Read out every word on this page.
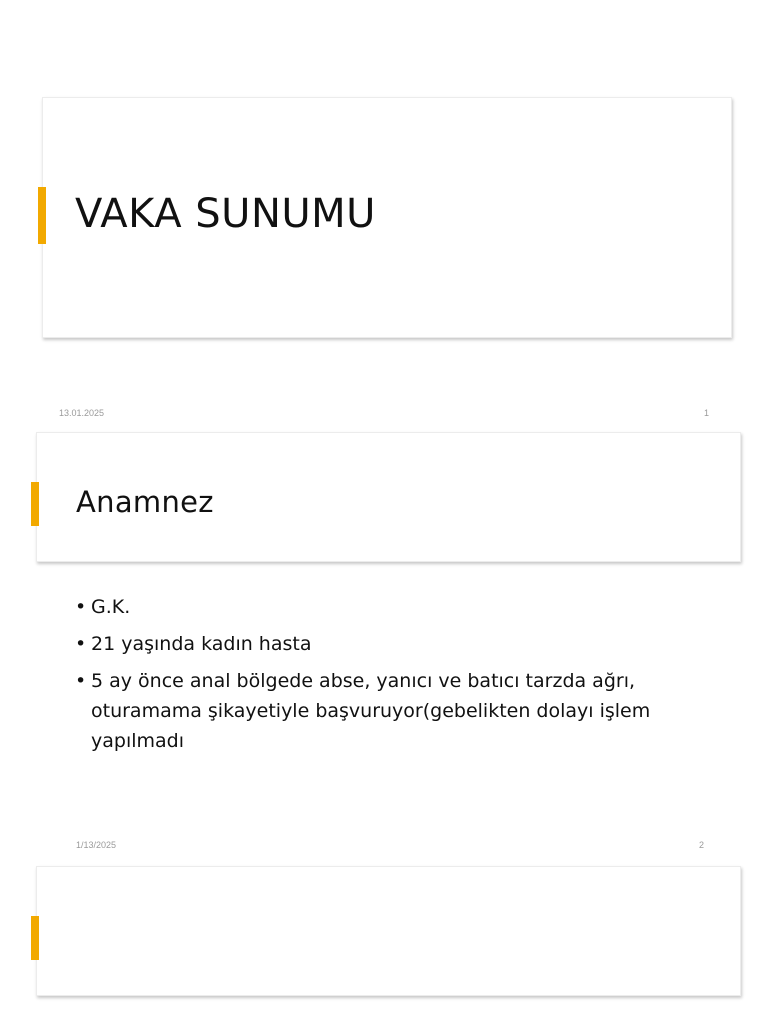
VAKA SUNUMU
13.01.2025	1
Anamnez
• G.K.
• 21 yaşında kadın hasta
• 5 ay önce anal bölgede abse, yanıcı ve batıcı tarzda ağrı, oturamama şikayetiyle başvuruyor(gebelikten dolayı işlem yapılmadı
1/13/2025	2
